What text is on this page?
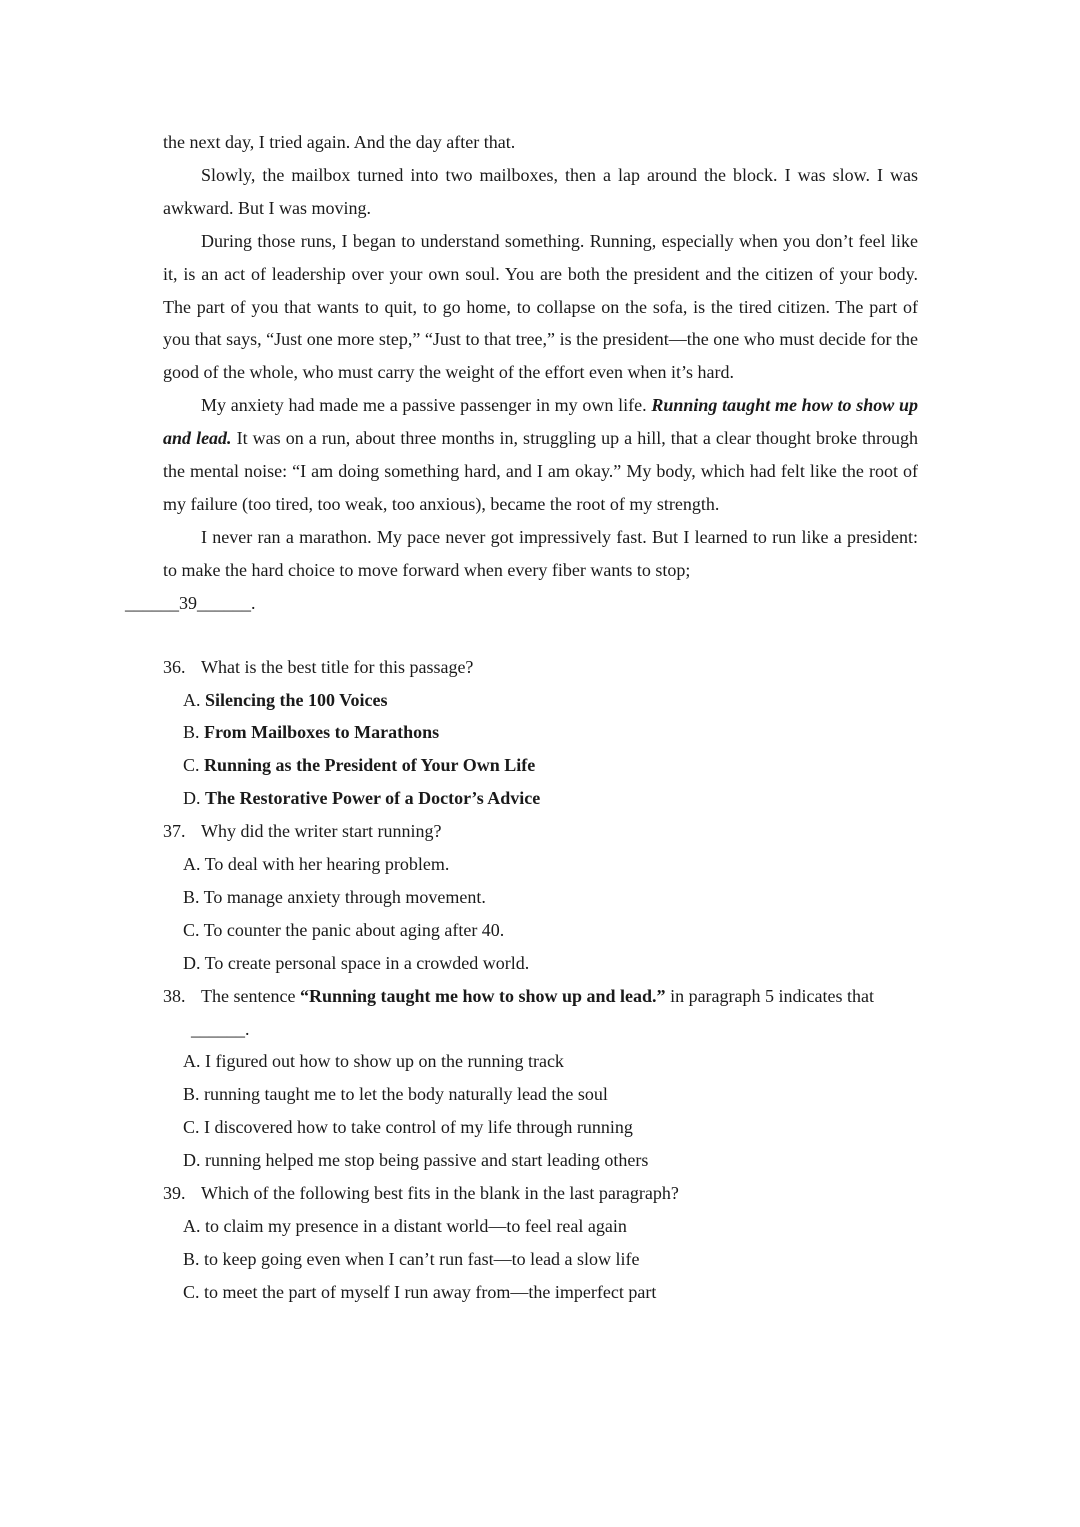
the next day, I tried again. And the day after that.

Slowly, the mailbox turned into two mailboxes, then a lap around the block. I was slow. I was awkward. But I was moving.

During those runs, I began to understand something. Running, especially when you don’t feel like it, is an act of leadership over your own soul. You are both the president and the citizen of your body. The part of you that wants to quit, to go home, to collapse on the sofa, is the tired citizen. The part of you that says, “Just one more step,” “Just to that tree,” is the president—the one who must decide for the good of the whole, who must carry the weight of the effort even when it’s hard.

My anxiety had made me a passive passenger in my own life. Running taught me how to show up and lead. It was on a run, about three months in, struggling up a hill, that a clear thought broke through the mental noise: “I am doing something hard, and I am okay.” My body, which had felt like the root of my failure (too tired, too weak, too anxious), became the root of my strength.

I never ran a marathon. My pace never got impressively fast. But I learned to run like a president: to make the hard choice to move forward when every fiber wants to stop;
______39______.

36. What is the best title for this passage?

A. Silencing the 100 Voices

B. From Mailboxes to Marathons

C. Running as the President of Your Own Life

D. The Restorative Power of a Doctor’s Advice

37. Why did the writer start running?

A. To deal with her hearing problem.

B. To manage anxiety through movement.

C. To counter the panic about aging after 40.

D. To create personal space in a crowded world.

38. The sentence “Running taught me how to show up and lead.” in paragraph 5 indicates that

______.

A. I figured out how to show up on the running track

B. running taught me to let the body naturally lead the soul

C. I discovered how to take control of my life through running

D. running helped me stop being passive and start leading others

39. Which of the following best fits in the blank in the last paragraph?

A. to claim my presence in a distant world—to feel real again

B. to keep going even when I can’t run fast—to lead a slow life

C. to meet the part of myself I run away from—the imperfect part
